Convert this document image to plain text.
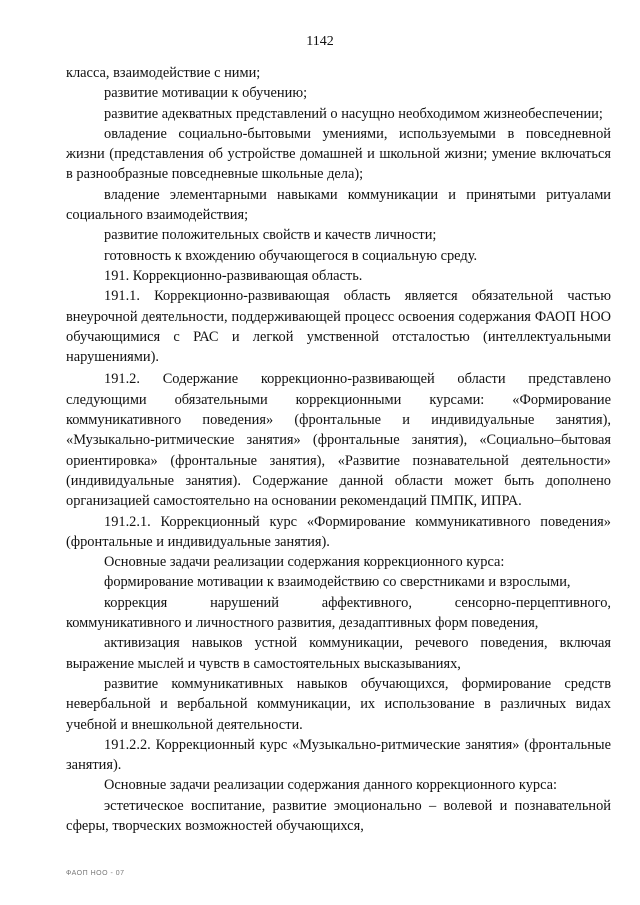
1142

класса, взаимодействие с ними;

развитие мотивации к обучению;

развитие адекватных представлений о насущно необходимом жизнеобеспечении;

овладение социально-бытовыми умениями, используемыми в повседневной жизни (представления об устройстве домашней и школьной жизни; умение включаться в разнообразные повседневные школьные дела);

владение элементарными навыками коммуникации и принятыми ритуалами социального взаимодействия;

развитие положительных свойств и качеств личности;

готовность к вхождению обучающегося в социальную среду.

191. Коррекционно-развивающая область.

191.1. Коррекционно-развивающая область является обязательной частью внеурочной деятельности, поддерживающей процесс освоения содержания ФАОП НОО обучающимися с РАС и легкой умственной отсталостью (интеллектуальными нарушениями).

191.2. Содержание коррекционно-развивающей области представлено следующими обязательными коррекционными курсами: «Формирование коммуникативного поведения» (фронтальные и индивидуальные занятия), «Музыкально-ритмические занятия» (фронтальные занятия), «Социально–бытовая ориентировка» (фронтальные занятия), «Развитие познавательной деятельности» (индивидуальные занятия). Содержание данной области может быть дополнено организацией самостоятельно на основании рекомендаций ПМПК, ИПРА.

191.2.1. Коррекционный курс «Формирование коммуникативного поведения» (фронтальные и индивидуальные занятия).

Основные задачи реализации содержания коррекционного курса:

формирование мотивации к взаимодействию со сверстниками и взрослыми,

коррекция нарушений аффективного, сенсорно-перцептивного, коммуникативного и личностного развития, дезадаптивных форм поведения,

активизация навыков устной коммуникации, речевого поведения, включая выражение мыслей и чувств в самостоятельных высказываниях,

развитие коммуникативных навыков обучающихся, формирование средств невербальной и вербальной коммуникации, их использование в различных видах учебной и внешкольной деятельности.

191.2.2. Коррекционный курс «Музыкально-ритмические занятия» (фронтальные занятия).

Основные задачи реализации содержания данного коррекционного курса:

эстетическое воспитание, развитие эмоционально – волевой и познавательной сферы, творческих возможностей обучающихся,

ФАОП НОО - 07
